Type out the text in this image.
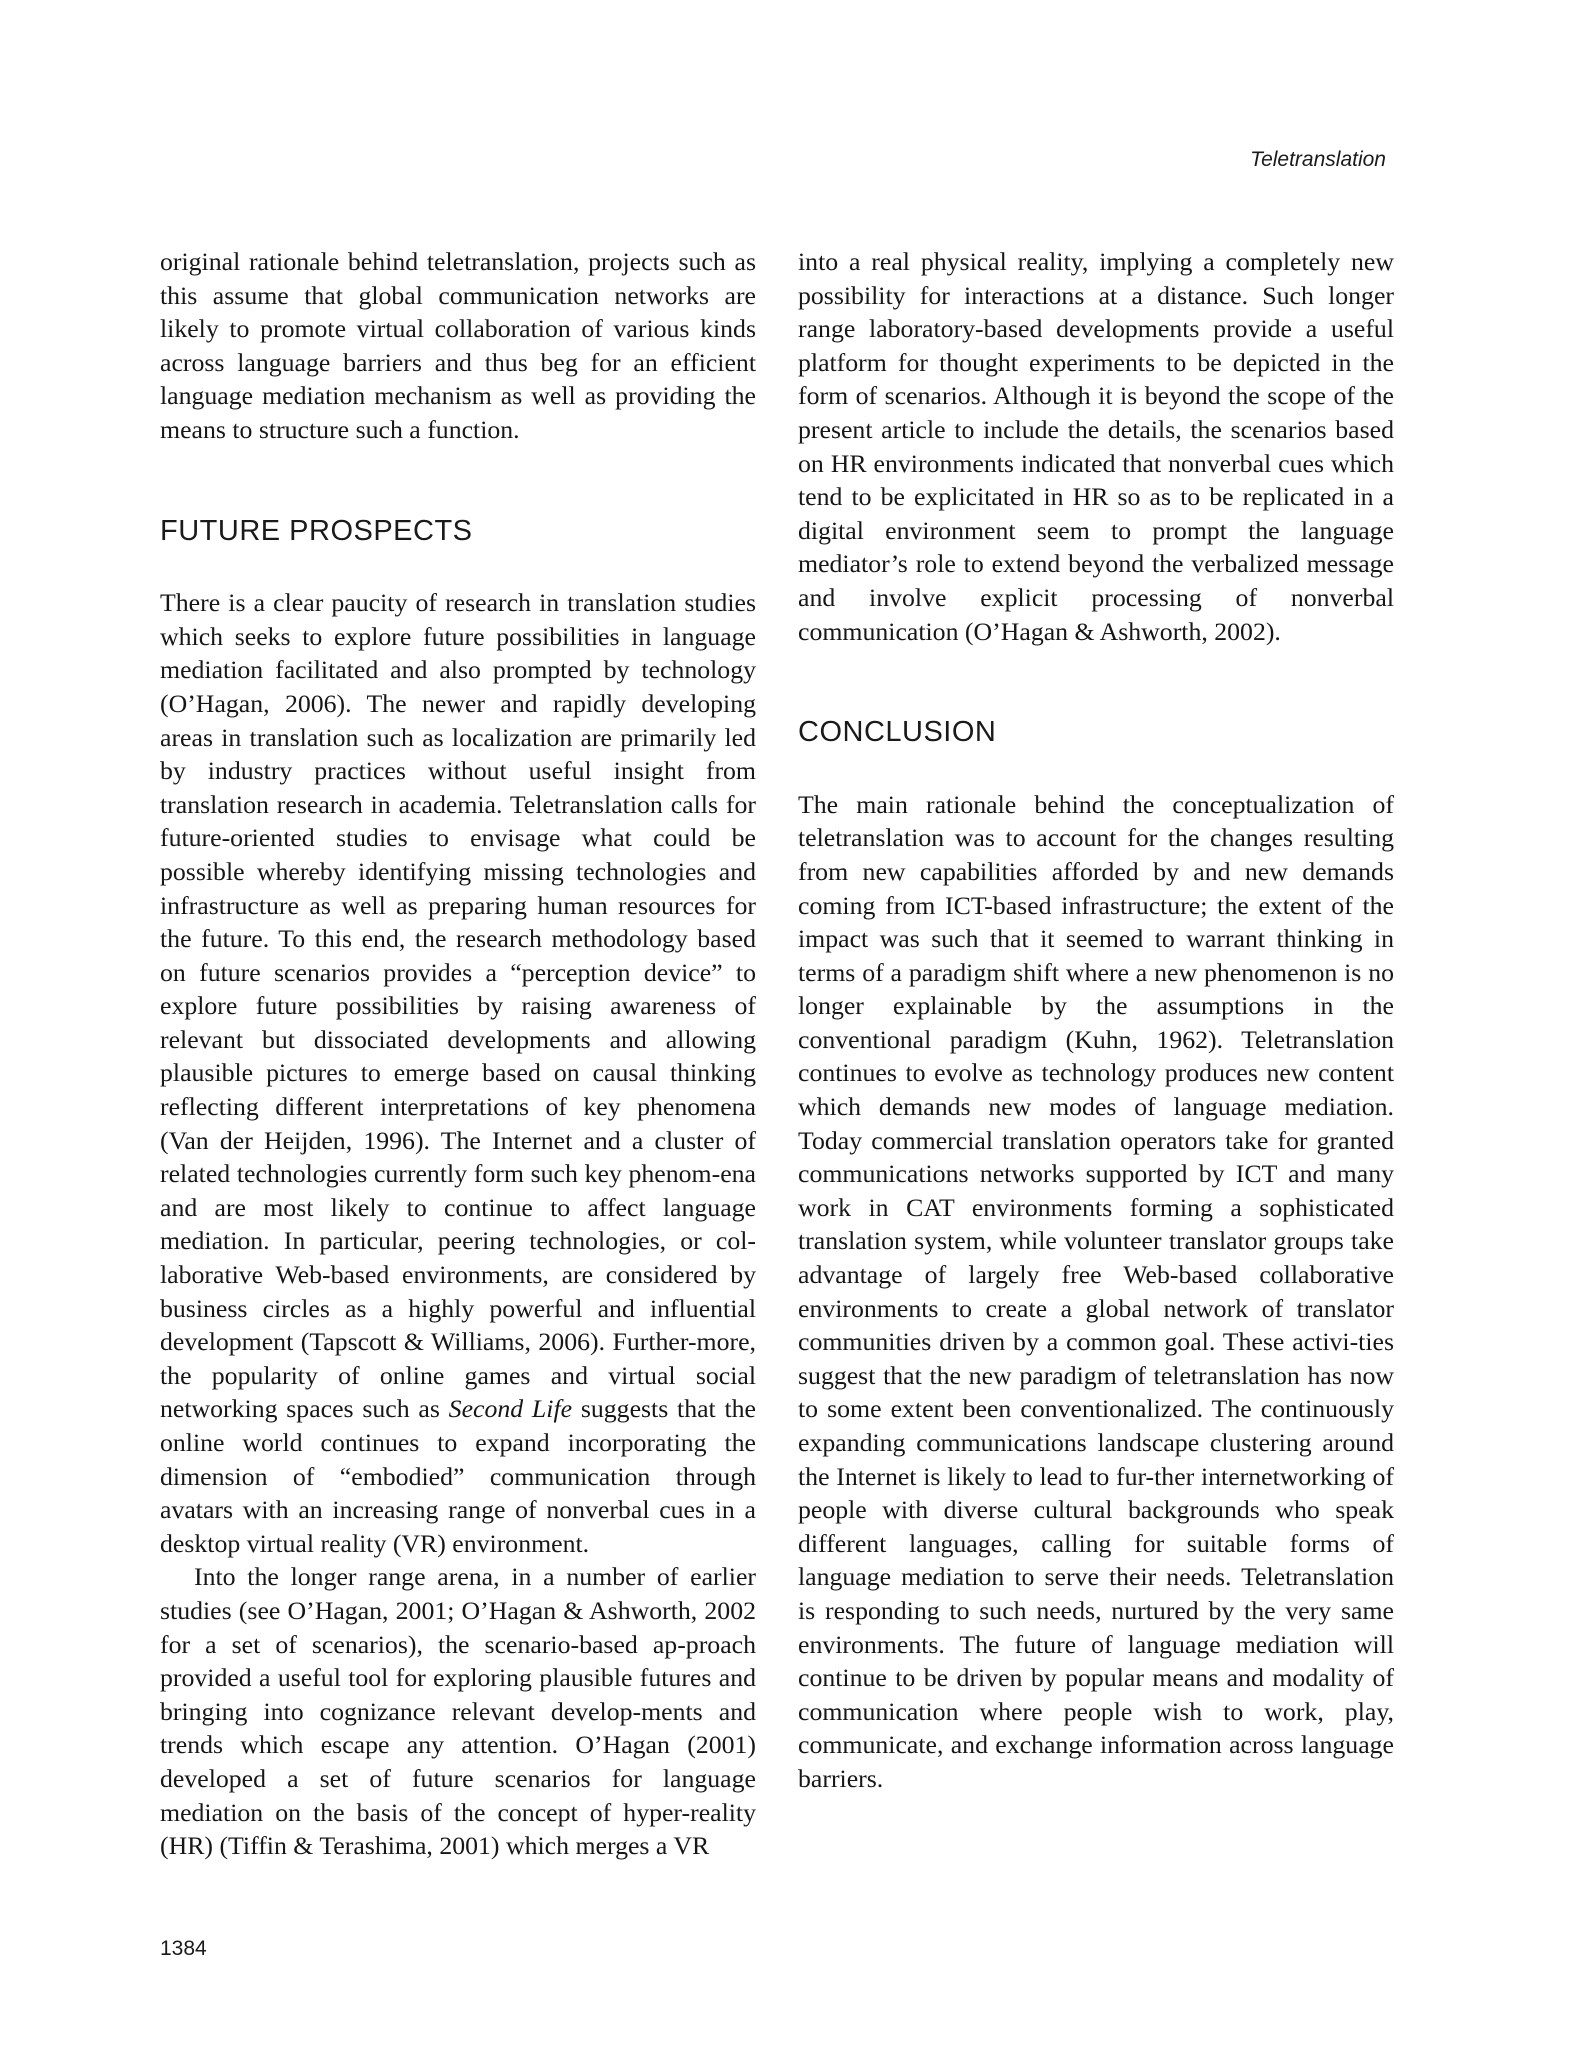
Teletranslation

original rationale behind teletranslation, projects such as this assume that global communication networks are likely to promote virtual collaboration of various kinds across language barriers and thus beg for an efficient language mediation mechanism as well as providing the means to structure such a function.

FUTURE PROSPECTS

There is a clear paucity of research in translation studies which seeks to explore future possibilities in language mediation facilitated and also prompted by technology (O’Hagan, 2006). The newer and rapidly developing areas in translation such as localization are primarily led by industry practices without useful insight from translation research in academia. Teletranslation calls for future-oriented studies to envisage what could be possible whereby identifying missing technologies and infrastructure as well as preparing human resources for the future. To this end, the research methodology based on future scenarios provides a “perception device” to explore future possibilities by raising awareness of relevant but dissociated developments and allowing plausible pictures to emerge based on causal thinking reflecting different interpretations of key phenomena (Van der Heijden, 1996). The Internet and a cluster of related technologies currently form such key phenom-ena and are most likely to continue to affect language mediation. In particular, peering technologies, or col-laborative Web-based environments, are considered by business circles as a highly powerful and influential development (Tapscott & Williams, 2006). Further-more, the popularity of online games and virtual social networking spaces such as Second Life suggests that the online world continues to expand incorporating the dimension of “embodied” communication through avatars with an increasing range of nonverbal cues in a desktop virtual reality (VR) environment.

Into the longer range arena, in a number of earlier studies (see O’Hagan, 2001; O’Hagan & Ashworth, 2002 for a set of scenarios), the scenario-based ap-proach provided a useful tool for exploring plausible futures and bringing into cognizance relevant develop-ments and trends which escape any attention. O’Hagan (2001) developed a set of future scenarios for language mediation on the basis of the concept of hyper-reality (HR) (Tiffin & Terashima, 2001) which merges a VR

into a real physical reality, implying a completely new possibility for interactions at a distance. Such longer range laboratory-based developments provide a useful platform for thought experiments to be depicted in the form of scenarios. Although it is beyond the scope of the present article to include the details, the scenarios based on HR environments indicated that nonverbal cues which tend to be explicitated in HR so as to be replicated in a digital environment seem to prompt the language mediator’s role to extend beyond the verbalized message and involve explicit processing of nonverbal communication (O’Hagan & Ashworth, 2002).

CONCLUSION

The main rationale behind the conceptualization of teletranslation was to account for the changes resulting from new capabilities afforded by and new demands coming from ICT-based infrastructure; the extent of the impact was such that it seemed to warrant thinking in terms of a paradigm shift where a new phenomenon is no longer explainable by the assumptions in the conventional paradigm (Kuhn, 1962). Teletranslation continues to evolve as technology produces new content which demands new modes of language mediation. Today commercial translation operators take for granted communications networks supported by ICT and many work in CAT environments forming a sophisticated translation system, while volunteer translator groups take advantage of largely free Web-based collaborative environments to create a global network of translator communities driven by a common goal. These activi-ties suggest that the new paradigm of teletranslation has now to some extent been conventionalized. The continuously expanding communications landscape clustering around the Internet is likely to lead to fur-ther internetworking of people with diverse cultural backgrounds who speak different languages, calling for suitable forms of language mediation to serve their needs. Teletranslation is responding to such needs, nurtured by the very same environments. The future of language mediation will continue to be driven by popular means and modality of communication where people wish to work, play, communicate, and exchange information across language barriers.

1384
